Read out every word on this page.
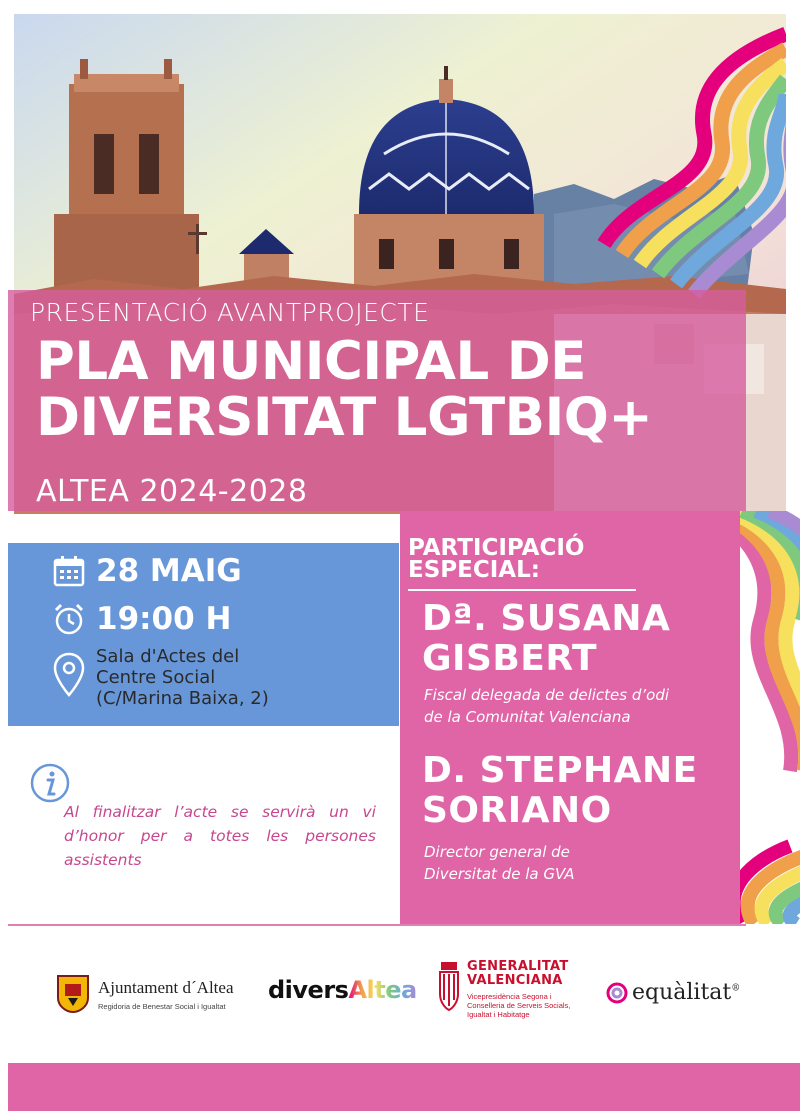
PRESENTACIÓ AVANTPROJECTE
PLA MUNICIPAL DE
DIVERSITAT LGTBIQ+
ALTEA 2024-2028
28 MAIG
19:00 H
Sala d'Actes del
Centre Social
(C/Marina Baixa, 2)
Al finalitzar l’acte se servirà un vi d’honor per a totes les persones assistents
PARTICIPACIÓ
ESPECIAL:
Dª. SUSANA
GISBERT
Fiscal delegada de delictes d’odi
de la Comunitat Valenciana
D. STEPHANE
SORIANO
Director general de
Diversitat de la GVA
Ajuntament d´Altea
Regidoria de Benestar Social i Igualtat
diversAltea
GENERALITAT
VALENCIANA
Vicepresidència Segona i
Conselleria de Serveis Socials,
Igualtat i Habitatge
equàlitat®
